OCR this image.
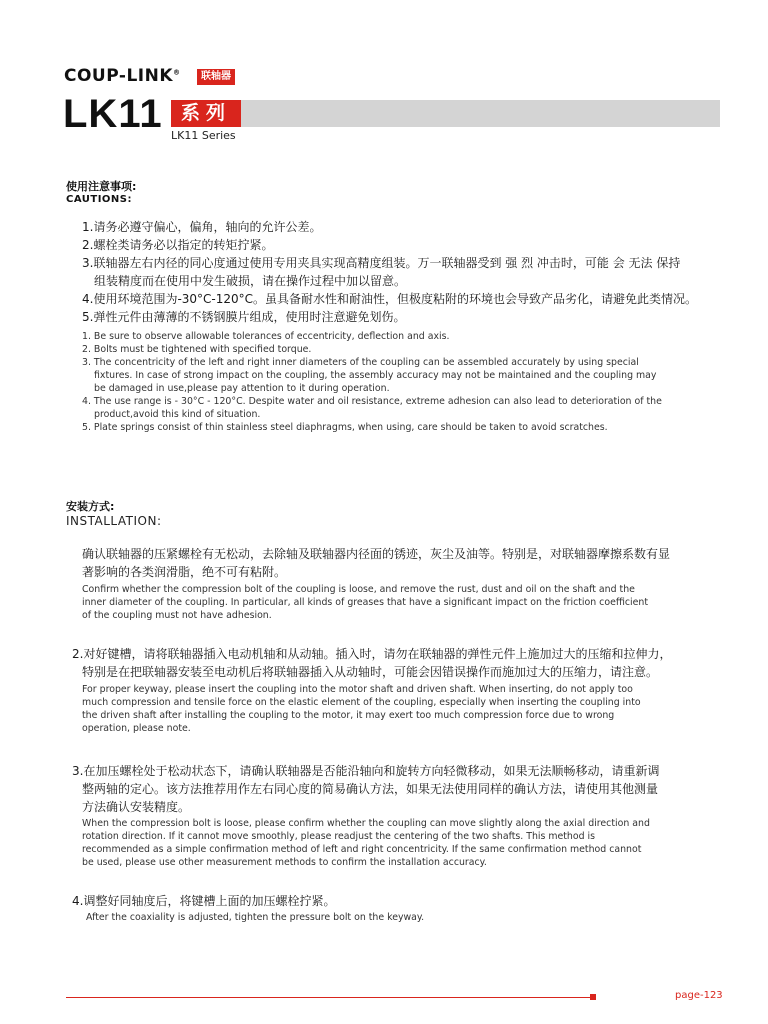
COUP-LINK®	联轴器
LK11 系列
LK11 Series
使用注意事项:
CAUTIONS:
1.请务必遵守偏心，偏角，轴向的允许公差。
2.螺栓类请务必以指定的转矩拧紧。
3.联轴器左右内径的同心度通过使用专用夹具实现高精度组装。万一联轴器受到 强 烈 冲击时，可能 会 无法 保持
组装精度而在使用中发生破损，请在操作过程中加以留意。
4.使用环境范围为-30°C-120°C。虽具备耐水性和耐油性，但极度粘附的环境也会导致产品劣化，请避免此类情况。
5.弹性元件由薄薄的不锈钢膜片组成，使用时注意避免划伤。
1. Be sure to observe allowable tolerances of eccentricity, deflection and axis.
2. Bolts must be tightened with specified torque.
3. The concentricity of the left and right inner diameters of the coupling can be assembled accurately by using special
fixtures. In case of strong impact on the coupling, the assembly accuracy may not be maintained and the coupling may
be damaged in use,please pay attention to it during operation.
4. The use range is - 30°C - 120°C. Despite water and oil resistance, extreme adhesion can also lead to deterioration of the
product,avoid this kind of situation.
5. Plate springs consist of thin stainless steel diaphragms, when using, care should be taken to avoid scratches.
安装方式:
INSTALLATION:
确认联轴器的压紧螺栓有无松动，去除轴及联轴器内径面的锈迹，灰尘及油等。特别是，对联轴器摩擦系数有显
著影响的各类润滑脂，绝不可有粘附。
Confirm whether the compression bolt of the coupling is loose, and remove the rust, dust and oil on the shaft and the
inner diameter of the coupling. In particular, all kinds of greases that have a significant impact on the friction coefficient
of the coupling must not have adhesion.
2.对好键槽，请将联轴器插入电动机轴和从动轴。插入时，请勿在联轴器的弹性元件上施加过大的压缩和拉伸力，
特别是在把联轴器安装至电动机后将联轴器插入从动轴时，可能会因错误操作而施加过大的压缩力，请注意。
For proper keyway, please insert the coupling into the motor shaft and driven shaft. When inserting, do not apply too
much compression and tensile force on the elastic element of the coupling, especially when inserting the coupling into
the driven shaft after installing the coupling to the motor, it may exert too much compression force due to wrong
operation, please note.
3.在加压螺栓处于松动状态下，请确认联轴器是否能沿轴向和旋转方向轻微移动，如果无法顺畅移动，请重新调
整两轴的定心。该方法推荐用作左右同心度的简易确认方法，如果无法使用同样的确认方法，请使用其他测量
方法确认安装精度。
When the compression bolt is loose, please confirm whether the coupling can move slightly along the axial direction and
rotation direction. If it cannot move smoothly, please readjust the centering of the two shafts. This method is
recommended as a simple confirmation method of left and right concentricity. If the same confirmation method cannot
be used, please use other measurement methods to confirm the installation accuracy.
4.调整好同轴度后，将键槽上面的加压螺栓拧紧。
After the coaxiality is adjusted, tighten the pressure bolt on the keyway.
page-123
